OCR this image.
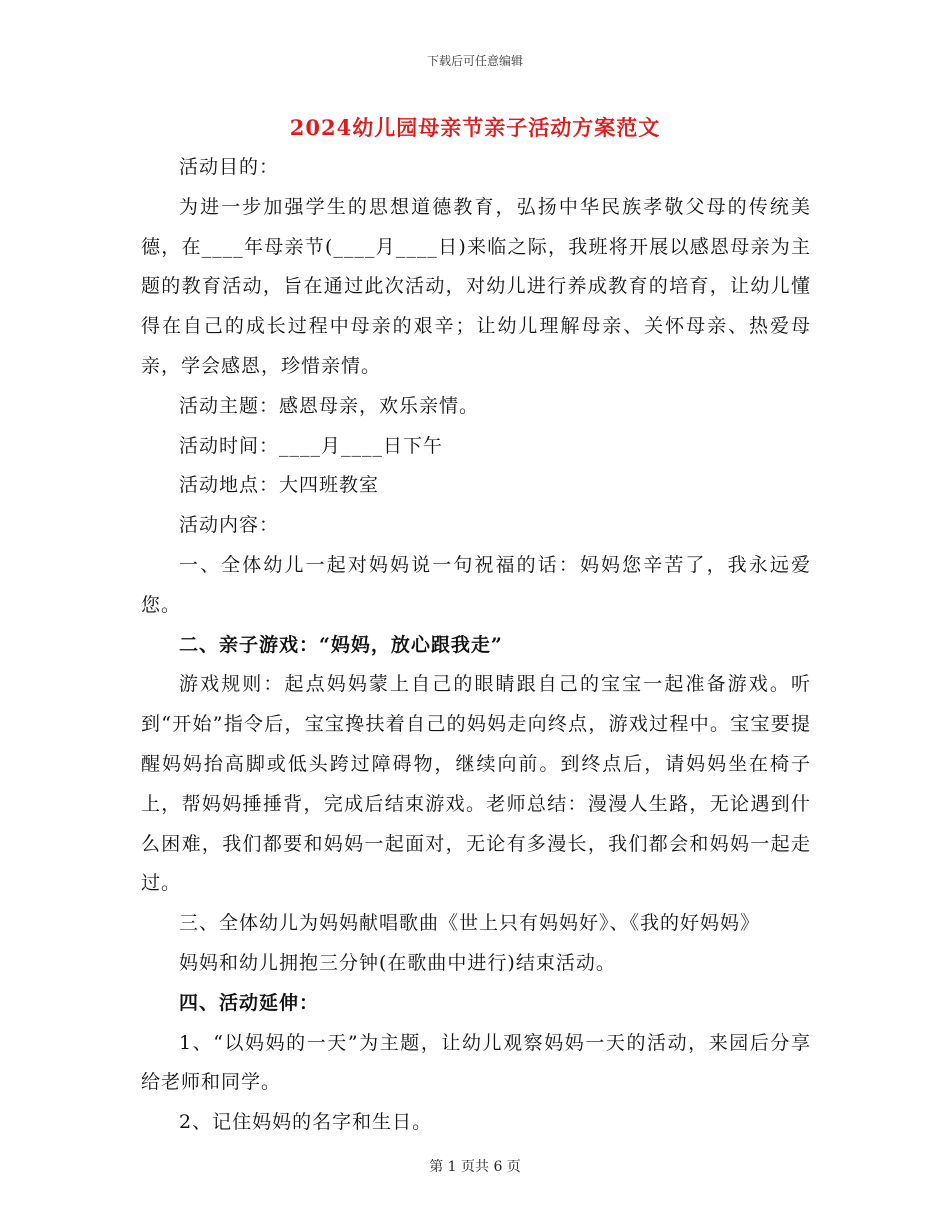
下载后可任意编辑
2024幼儿园母亲节亲子活动方案范文

活动目的：

为进一步加强学生的思想道德教育，弘扬中华民族孝敬父母的传统美德，在____年母亲节(____月____日)来临之际，我班将开展以感恩母亲为主题的教育活动，旨在通过此次活动，对幼儿进行养成教育的培育，让幼儿懂得在自己的成长过程中母亲的艰辛；让幼儿理解母亲、关怀母亲、热爱母亲，学会感恩，珍惜亲情。

活动主题：感恩母亲，欢乐亲情。

活动时间：____月____日下午

活动地点：大四班教室

活动内容：

一、全体幼儿一起对妈妈说一句祝福的话：妈妈您辛苦了，我永远爱您。

二、亲子游戏：“妈妈，放心跟我走”

游戏规则：起点妈妈蒙上自己的眼睛跟自己的宝宝一起准备游戏。听到“开始”指令后，宝宝搀扶着自己的妈妈走向终点，游戏过程中。宝宝要提醒妈妈抬高脚或低头跨过障碍物，继续向前。到终点后，请妈妈坐在椅子上，帮妈妈捶捶背，完成后结束游戏。老师总结：漫漫人生路，无论遇到什么困难，我们都要和妈妈一起面对，无论有多漫长，我们都会和妈妈一起走过。

三、全体幼儿为妈妈献唱歌曲《世上只有妈妈好》、《我的好妈妈》

妈妈和幼儿拥抱三分钟(在歌曲中进行)结束活动。

四、活动延伸：

1、“以妈妈的一天”为主题，让幼儿观察妈妈一天的活动，来园后分享给老师和同学。

2、记住妈妈的名字和生日。

第 1 页共 6 页
